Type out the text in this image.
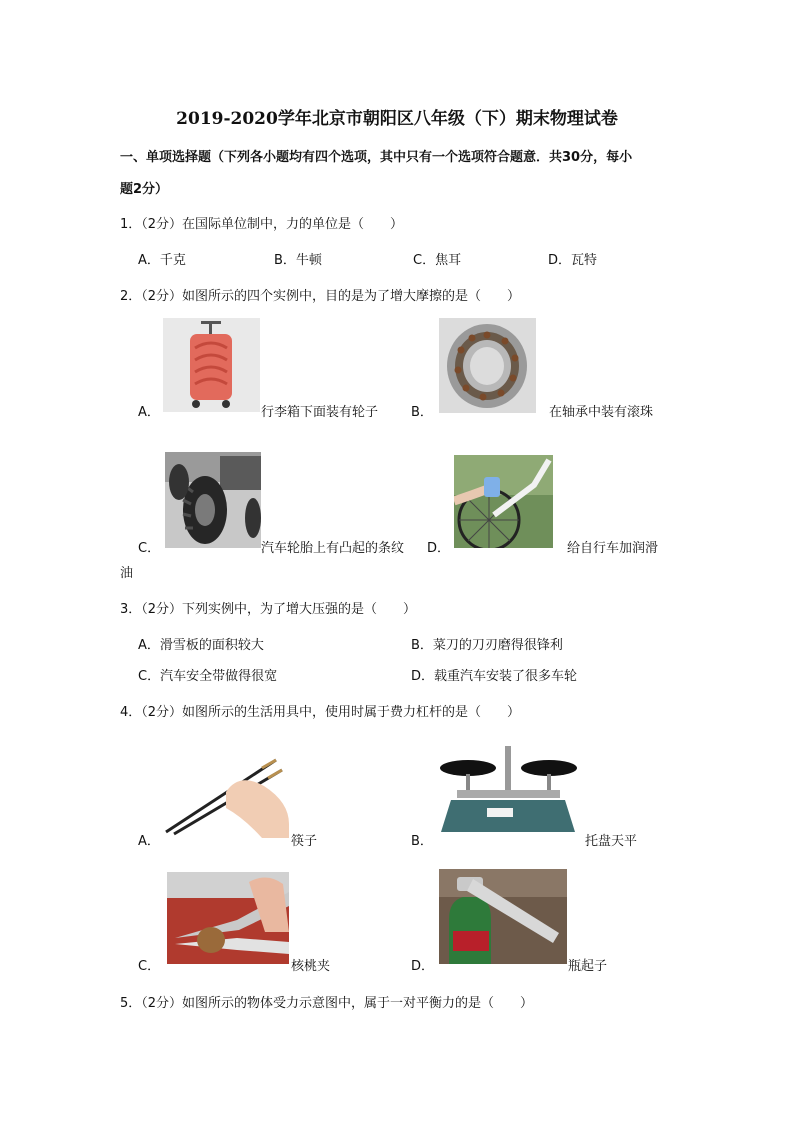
2019-2020学年北京市朝阳区八年级（下）期末物理试卷
一、单项选择题（下列各小题均有四个选项，其中只有一个选项符合题意．共30分，每小
题2分）
1．（2分）在国际单位制中，力的单位是（　　）
A．千克	B．牛顿	C．焦耳	D．瓦特
2．（2分）如图所示的四个实例中，目的是为了增大摩擦的是（　　）
A．	行李箱下面装有轮子	B．	在轴承中装有滚珠
C．	汽车轮胎上有凸起的条纹 D．	给自行车加润滑
油
3．（2分）下列实例中，为了增大压强的是（　　）
A．滑雪板的面积较大	B．菜刀的刀刃磨得很锋利
C．汽车安全带做得很宽	D．载重汽车安装了很多车轮
4．（2分）如图所示的生活用具中，使用时属于费力杠杆的是（　　）
A．	筷子	B．	托盘天平
C．	核桃夹	D．	瓶起子
5．（2分）如图所示的物体受力示意图中，属于一对平衡力的是（　　）
